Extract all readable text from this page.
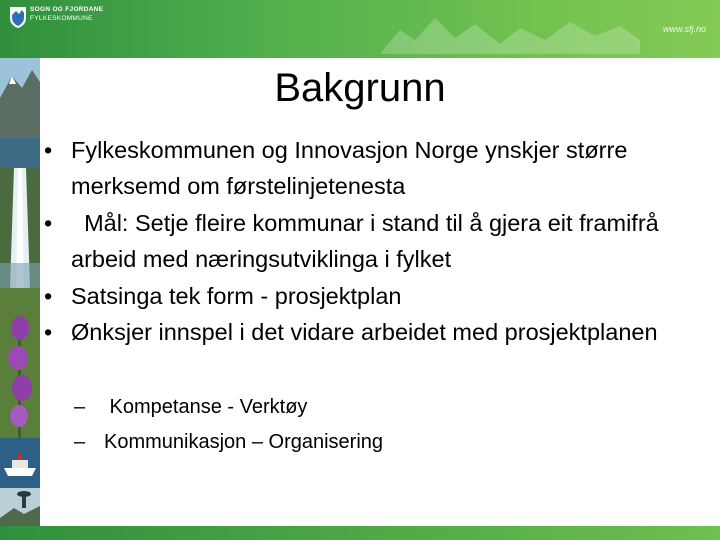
SOGN OG FJORDANE
FYLKESKOMMUNE
www.sfj.no
Bakgrunn
• Fylkeskommunen og Innovasjon Norge ynskjer større merksemd om førstelinjetenesta
• Mål: Setje fleire kommunar i stand til å gjera eit framifrå arbeid med næringsutviklinga i fylket
• Satsinga tek form - prosjektplan
• Ønksjer innspel i det vidare arbeidet med prosjektplanen
– Kompetanse - Verktøy
– Kommunikasjon – Organisering
